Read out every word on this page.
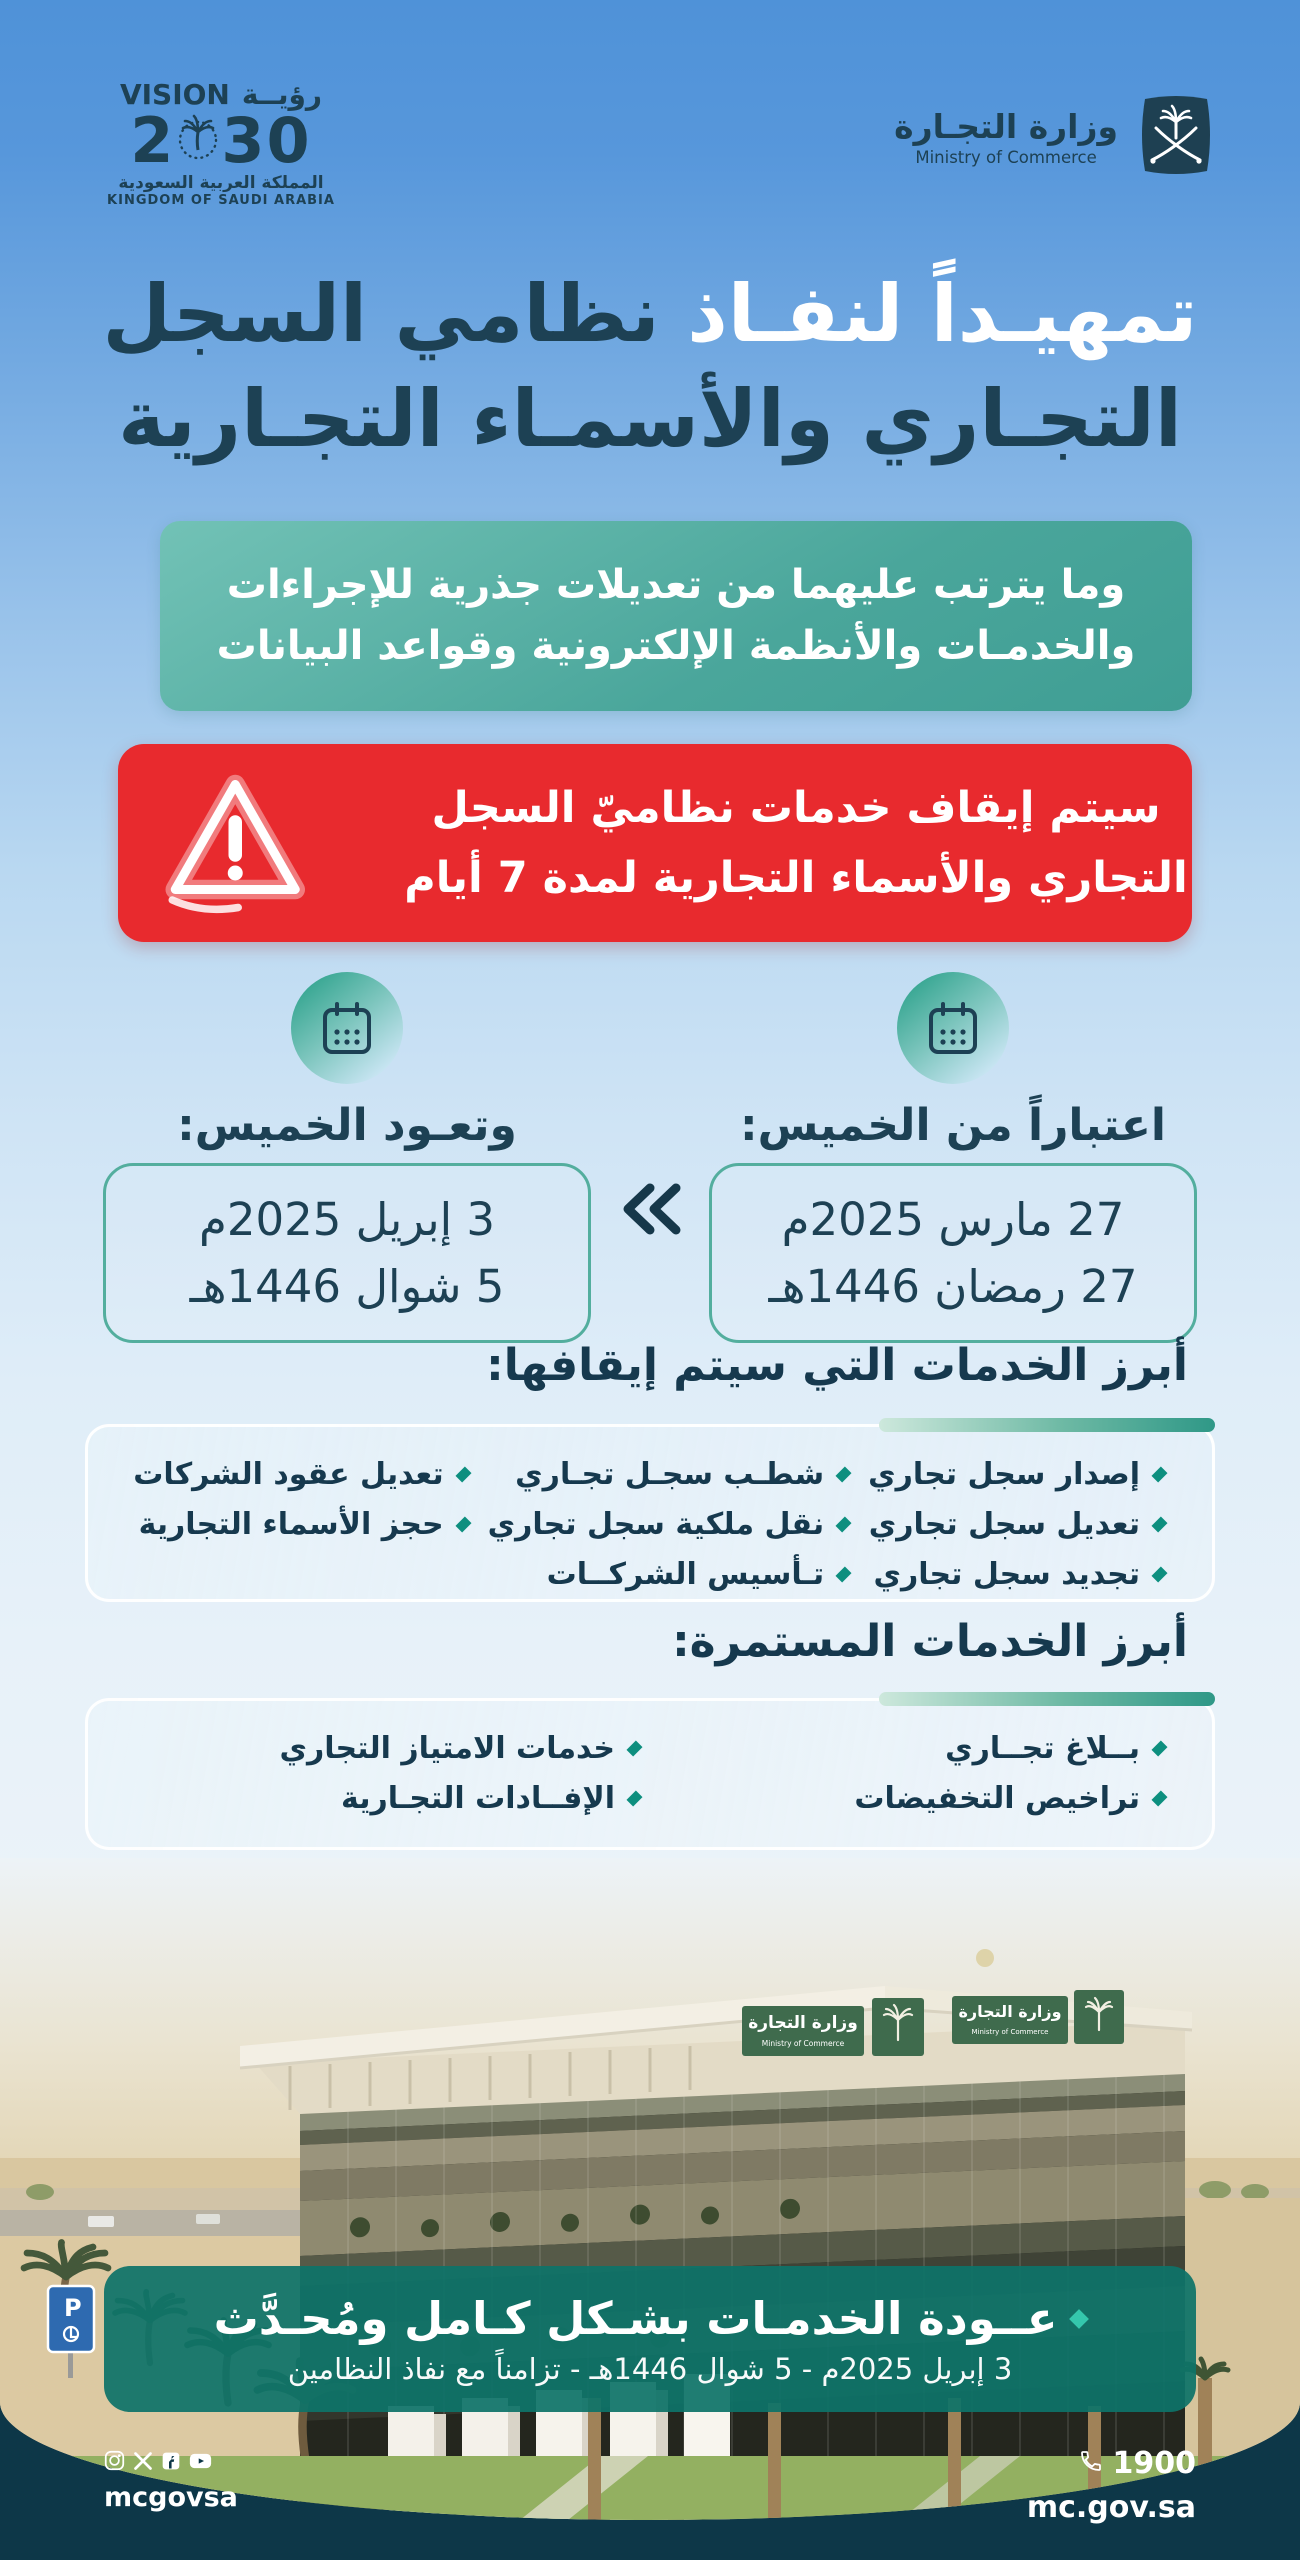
VISION رؤيــة
2 30
المملكة العربية السعودية
KINGDOM OF SAUDI ARABIA
وزارة التجـارة
Ministry of Commerce
تمهيـداً لنفـاذ نظامي السجل
التجـاري والأسمـاء التجـارية
وما يترتب عليهما من تعديلات جذرية للإجراءات
والخدمـات والأنظمة الإلكترونية وقواعد البيانات
سيتم إيقاف خدمات نظاميّ السجل
التجاري والأسماء التجارية لمدة 7 أيام
اعتباراً من الخميس:
27 مارس 2025م
27 رمضان 1446هـ
وتعـود الخميس:
3 إبريل 2025م
5 شوال 1446هـ
أبرز الخدمات التي سيتم إيقافها:
إصدار سجل تجاري
تعديل سجل تجاري
تجديد سجل تجاري
شطـب سجـل تجـاري
نقل ملكية سجل تجاري
تـأسيس الشركــات
تعديل عقود الشركات
حجز الأسماء التجارية
أبرز الخدمات المستمرة:
بــلاغ تجــاري
تراخيص التخفيضات
خدمات الامتياز التجاري
الإفــادات التجـارية
وزارة التجارة
Ministry of Commerce
وزارة التجارة
Ministry of Commerce
P	عــودة الخدمـات بشـكل كـامل ومُحـدَّث
3 إبريل 2025م - 5 شوال 1446هـ - تزامناً مع نفاذ النظامين
mcgovsa
1900
mc.gov.sa
